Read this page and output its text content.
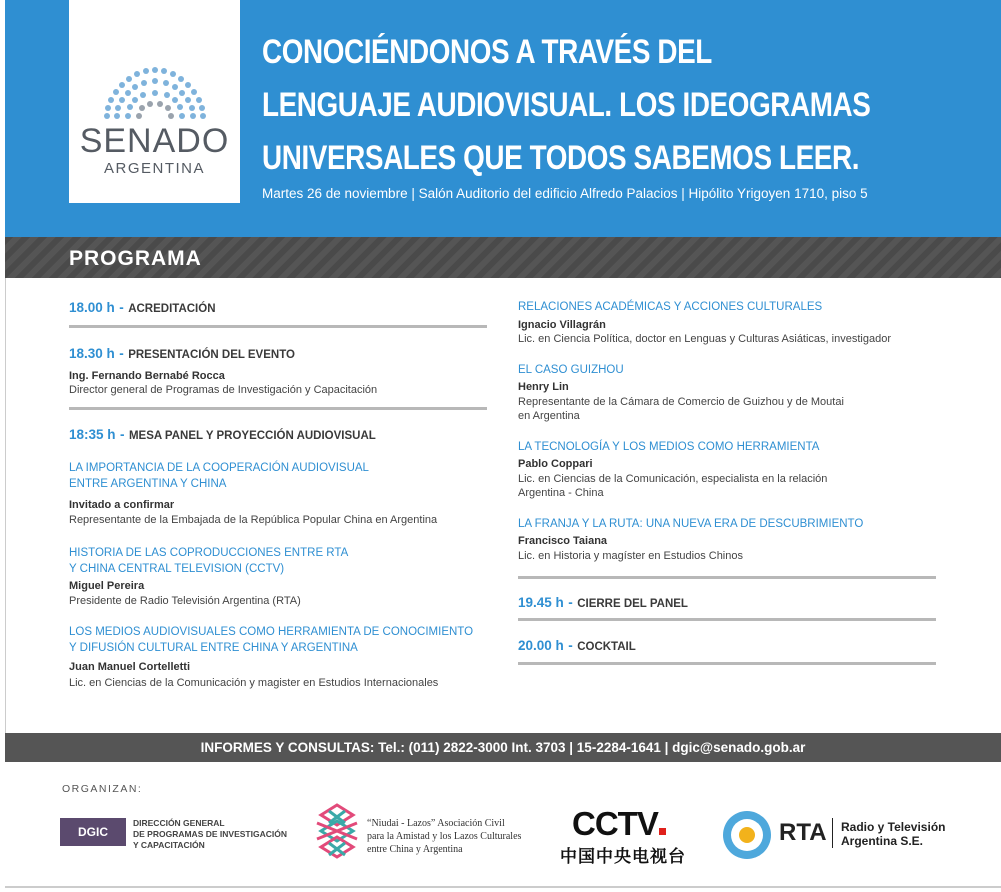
SENADO
ARGENTINA
CONOCIÉNDONOS A TRAVÉS DEL
LENGUAJE AUDIOVISUAL. LOS IDEOGRAMAS
UNIVERSALES QUE TODOS SABEMOS LEER.
Martes 26 de noviembre | Salón Auditorio del edificio Alfredo Palacios | Hipólito Yrigoyen 1710, piso 5
PROGRAMA
18.00 h - ACREDITACIÓN
18.30 h - PRESENTACIÓN DEL EVENTO
Ing. Fernando Bernabé Rocca
Director general de Programas de Investigación y Capacitación
18:35 h - MESA PANEL Y PROYECCIÓN AUDIOVISUAL
LA IMPORTANCIA DE LA COOPERACIÓN AUDIOVISUAL
ENTRE ARGENTINA Y CHINA
Invitado a confirmar
Representante de la Embajada de la República Popular China en Argentina
HISTORIA DE LAS COPRODUCCIONES ENTRE RTA
Y CHINA CENTRAL TELEVISION (CCTV)
Miguel Pereira
Presidente de Radio Televisión Argentina (RTA)
LOS MEDIOS AUDIOVISUALES COMO HERRAMIENTA DE CONOCIMIENTO
Y DIFUSIÓN CULTURAL ENTRE CHINA Y ARGENTINA
Juan Manuel Cortelletti
Lic. en Ciencias de la Comunicación y magister en Estudios Internacionales
RELACIONES ACADÉMICAS Y ACCIONES CULTURALES
Ignacio Villagrán
Lic. en Ciencia Política, doctor en Lenguas y Culturas Asiáticas, investigador
EL CASO GUIZHOU
Henry Lin
Representante de la Cámara de Comercio de Guizhou y de Moutai
en Argentina
LA TECNOLOGÍA Y LOS MEDIOS COMO HERRAMIENTA
Pablo Coppari
Lic. en Ciencias de la Comunicación, especialista en la relación
Argentina - China
LA FRANJA Y LA RUTA: UNA NUEVA ERA DE DESCUBRIMIENTO
Francisco Taiana
Lic. en Historia y magíster en Estudios Chinos
19.45 h - CIERRE DEL PANEL
20.00 h - COCKTAIL
INFORMES Y CONSULTAS: Tel.: (011) 2822-3000 Int. 3703 | 15-2284-1641 | dgic@senado.gob.ar
ORGANIZAN:
DGIC
DIRECCIÓN GENERAL
DE PROGRAMAS DE INVESTIGACIÓN
Y CAPACITACIÓN
“Niudai - Lazos” Asociación Civil
para la Amistad y los Lazos Culturales
entre China y Argentina
CCTV
中国中央电视台
RTA Radio y Televisión
Argentina S.E.
